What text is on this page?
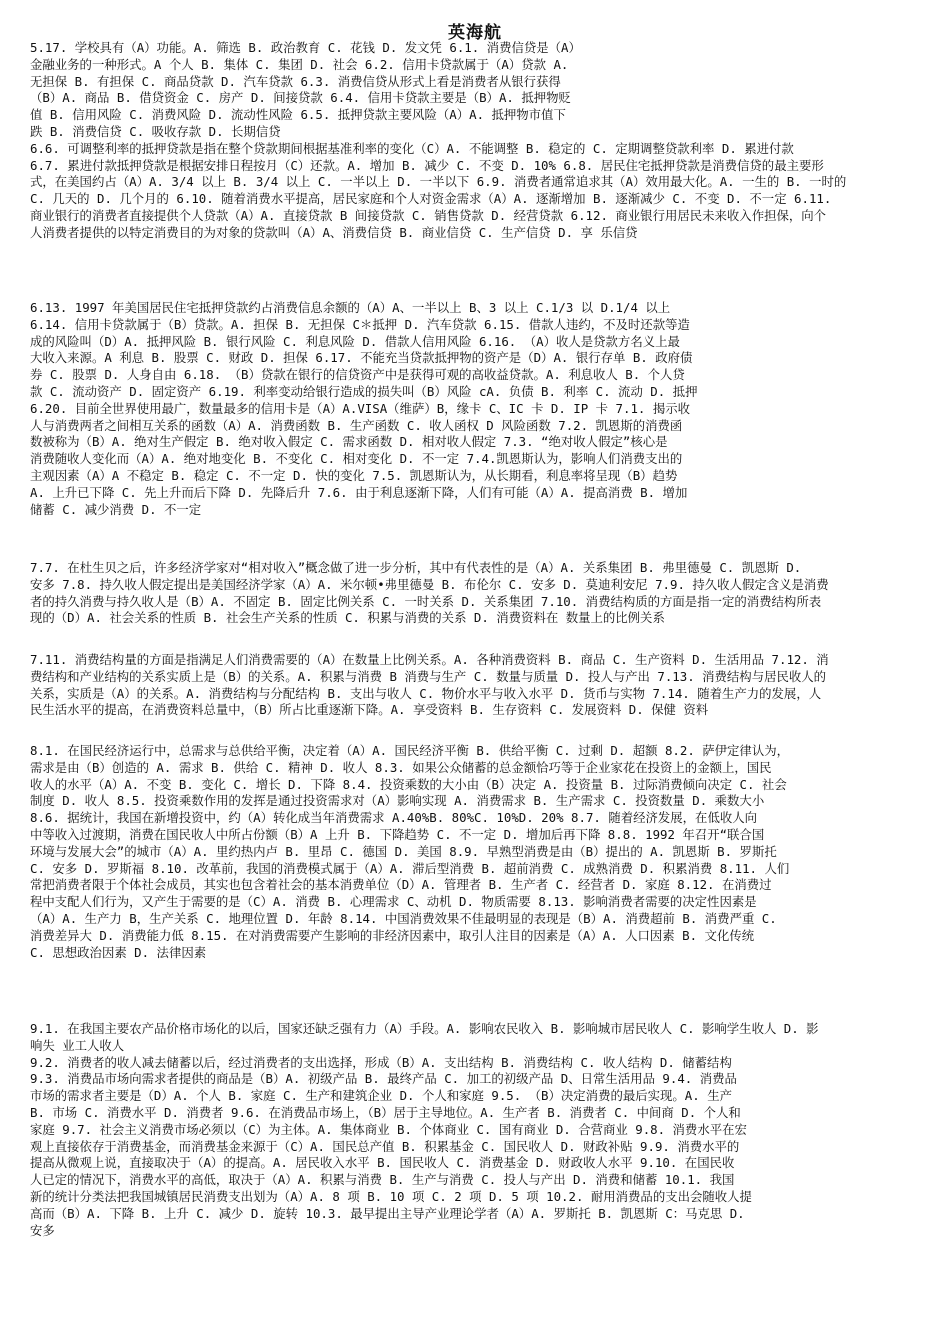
英海航
5.17. 学校具有（A）功能。A. 筛选 B. 政治教育 C. 花钱 D. 发文凭 6.1. 消费信贷是（A）
金融业务的一种形式。A 个人 B. 集体 C. 集团 D. 社会 6.2. 信用卡贷款属于（A）贷款 A.
无担保 B. 有担保 C. 商品贷款 D. 汽车贷款 6.3. 消费信贷从形式上看是消费者从银行获得
（B）A. 商品 B. 借贷资金 C. 房产 D. 间接贷款 6.4. 信用卡贷款主要是（B）A. 抵押物贬
值 B. 信用风险 C. 消费风险 D. 流动性风险 6.5. 抵押贷款主要风险（A）A. 抵押物市值下
跌 B. 消费信贷 C. 吸收存款 D. 长期信贷
6.6. 可调整利率的抵押贷款是指在整个贷款期间根据基准利率的变化（C）A. 不能调整 B. 稳定的 C. 定期调整贷款利率 D. 累进付款
6.7. 累进付款抵押贷款是根据安排日程按月（C）还款。A. 增加 B. 减少 C. 不变 D. 10% 6.8. 居民住宅抵押贷款是消费信贷的最主要形
式，在美国约占（A）A. 3/4 以上 B. 3/4 以上 C. 一半以上 D. 一半以下 6.9. 消费者通常追求其（A）效用最大化。A. 一生的 B. 一时的
C. 几天的 D. 几个月的 6.10. 随着消费水平提高，居民家庭和个人对资金需求（A）A. 逐渐增加 B. 逐渐减少 C. 不变 D. 不一定 6.11.
商业银行的消费者直接提供个人贷款（A）A. 直接贷款 B 间接贷款 C. 销售贷款 D. 经营贷款 6.12. 商业银行用居民未来收入作担保，向个
人消费者提供的以特定消费目的为对象的贷款叫（A）A、消费信贷 B. 商业信贷 C. 生产信贷 D. 享 乐信贷
6.13. 1997 年美国居民住宅抵押贷款约占消费信息余额的（A）A、一半以上 B、3 以上 C.1/3 以 D.1/4 以上
6.14. 信用卡贷款属于（B）贷款。A. 担保 B. 无担保 C＊抵押 D. 汽车贷款 6.15. 借款人违约，不及时还款等造
成的风险叫（D）A. 抵押风险 B. 银行风险 C. 利息风险 D. 借款人信用风险 6.16. （A）收人是贷款方名义上最
大收入来源。A 利息 B. 股票 C. 财政 D. 担保 6.17. 不能充当贷款抵押物的资产是（D）A. 银行存单 B. 政府债
券 C. 股票 D. 人身自由 6.18. （B）贷款在银行的信贷资产中是获得可观的高收益贷款。A. 利息收人 B. 个人贷
款 C. 流动资产 D. 固定资产 6.19. 利率变动给银行造成的损失叫（B）风险 cA. 负债 B. 利率 C. 流动 D. 抵押
6.20. 目前全世界使用最广，数量最多的信用卡是（A）A.VISA（维萨）B，缘卡 C、IC 卡 D. IP 卡 7.1. 揭示收
人与消费两者之间相互关系的函数（A）A. 消费函数 B. 生产函数 C. 收人函权 D 风险函数 7.2. 凯恩斯的消费函
数被称为（B）A. 绝对生产假定 B. 绝对收入假定 C. 需求函数 D. 相对收人假定 7.3. “绝对收人假定”核心是
消费随收人变化而（A）A. 绝对地变化 B. 不变化 C. 相对变化 D. 不一定 7.4.凯恩斯认为，影响人们消费支出的
主观因素（A）A 不稳定 B. 稳定 C. 不一定 D. 快的变化 7.5. 凯恩斯认为，从长期看，利息率将呈现（B）趋势
A. 上升已下降 C. 先上升而后下降 D. 先降后升 7.6. 由于利息逐渐下降，人们有可能（A）A. 提高消费 B. 增加
储蓄 C. 减少消费 D. 不一定
7.7. 在杜生贝之后，许多经济学家对“相对收入”概念做了进一步分析，其中有代表性的是（A）A. 关系集团 B. 弗里德曼 C. 凯恩斯 D.
安多 7.8. 持久收人假定提出是美国经济学家（A）A. 米尔顿•弗里德曼 B. 布伦尔 C. 安多 D. 莫迪利安尼 7.9. 持久收人假定含义是消费
者的持久消费与持久收人是（B）A. 不固定 B. 固定比例关系 C. 一时关系 D. 关系集团 7.10. 消费结构质的方面是指一定的消费结构所表
现的（D）A. 社会关系的性质 B. 社会生产关系的性质 C. 积累与消费的关系 D. 消费资料在 数量上的比例关系
7.11. 消费结构量的方面是指满足人们消费需要的（A）在数量上比例关系。A. 各种消费资料 B. 商品 C. 生产资料 D. 生活用品 7.12. 消
费结构和产业结构的关系实质上是（B）的关系。A. 积累与消费 B 消费与生产 C. 数量与质量 D. 投人与产出 7.13. 消费结构与居民收人的
关系，实质是（A）的关系。A. 消费结构与分配结构 B. 支出与收人 C. 物价水平与收入水平 D. 货币与实物 7.14. 随着生产力的发展，人
民生活水平的提高，在消费资料总量中，（B）所占比重逐渐下降。A. 享受资料 B. 生存资料 C. 发展资料 D. 保健 资料
8.1. 在国民经济运行中，总需求与总供给平衡，决定着（A）A. 国民经济平衡 B. 供给平衡 C. 过剩 D. 超额 8.2. 萨伊定律认为，
需求是由（B）创造的 A. 需求 B. 供给 C. 精神 D. 收人 8.3. 如果公众储蓄的总金额恰巧等于企业家花在投资上的金额上，国民
收人的水平（A）A. 不变 B. 变化 C. 增长 D. 下降 8.4. 投资乘数的大小由（B）决定 A. 投资量 B. 过际消费倾向决定 C. 社会
制度 D. 收人 8.5. 投资乘数作用的发挥是通过投资需求对（A）影响实现 A. 消费需求 B. 生产需求 C. 投资数量 D. 乘数大小
8.6. 据统计，我国在新增投资中，约（A）转化成当年消费需求 A.40%B. 80%C. 10%D. 20% 8.7. 随着经济发展，在低收人向
中等收入过渡期，消费在国民收人中所占份额（B）A 上升 B. 下降趋势 C. 不一定 D. 增加后再下降 8.8. 1992 年召开“联合国
环境与发展大会”的城市（A）A. 里约热内卢 B. 里昂 C. 德国 D. 美国 8.9. 早熟型消费是由（B）提出的 A. 凯恩斯 B. 罗斯托
C. 安多 D. 罗斯福 8.10. 改革前，我国的消费模式属于（A）A. 滞后型消费 B. 超前消费 C. 成熟消费 D. 积累消费 8.11. 人们
常把消费者限于个体社会成员，其实也包含着社会的基本消费单位（D）A. 管理者 B. 生产者 C. 经营者 D. 家庭 8.12. 在消费过
程中支配人们行为，又产生于需要的是（C）A. 消费 B. 心理需求 C、动机 D. 物质需要 8.13. 影响消费者需要的决定性因素是
（A）A. 生产力 B，生产关系 C. 地理位置 D. 年龄 8.14. 中国消费效果不佳最明显的表现是（B）A. 消费超前 B. 消费严重 C.
消费差异大 D. 消费能力低 8.15. 在对消费需要产生影响的非经济因素中，取引人注目的因素是（A）A. 人口因素 B. 文化传统
C. 思想政治因素 D. 法律因素
9.1. 在我国主要农产品价格市场化的以后，国家还缺乏强有力（A）手段。A. 影响农民收入 B. 影响城市居民收人 C. 影响学生收人 D. 影
响失 业工人收人
9.2. 消费者的收人减去储蓄以后，经过消费者的支出选择，形成（B）A. 支出结构 B. 消费结构 C. 收人结构 D. 储蓄结构
9.3. 消费品市场向需求者提供的商品是（B）A. 初级产品 B. 最终产品 C. 加工的初级产品 D、日常生活用品 9.4. 消费品
市场的需求者主要是（D）A. 个人 B. 家庭 C. 生产和建筑企业 D. 个人和家庭 9.5. （B）决定消费的最后实现。A. 生产
B. 市场 C. 消费水平 D. 消费者 9.6. 在消费品市场上，（B）居于主导地位。A. 生产者 B. 消费者 C. 中间商 D. 个人和
家庭 9.7. 社会主义消费市场必须以（C）为主体。A. 集体商业 B. 个体商业 C. 国有商业 D. 合营商业 9.8. 消费水平在宏
观上直接依存于消费基金，而消费基金来源于（C）A. 国民总产值 B. 积累基金 C. 国民收人 D. 财政补贴 9.9. 消费水平的
提高从微观上说，直接取决于（A）的提高。A. 居民收入水平 B. 国民收人 C. 消费基金 D. 财政收人水平 9.10. 在国民收
人已定的情况下，消费水平的高低，取决于（A）A. 积累与消费 B. 生产与消费 C. 投人与产出 D. 消费和储蓄 10.1. 我国
新的统计分类法把我国城镇居民消费支出划为（A）A. 8 项 B. 10 项 C. 2 项 D. 5 项 10.2. 耐用消费品的支出会随收人提
高而（B）A. 下降 B. 上升 C. 减少 D. 旋转 10.3. 最早提出主导产业理论学者（A）A. 罗斯托 B. 凯恩斯 C：马克思 D.
安多
